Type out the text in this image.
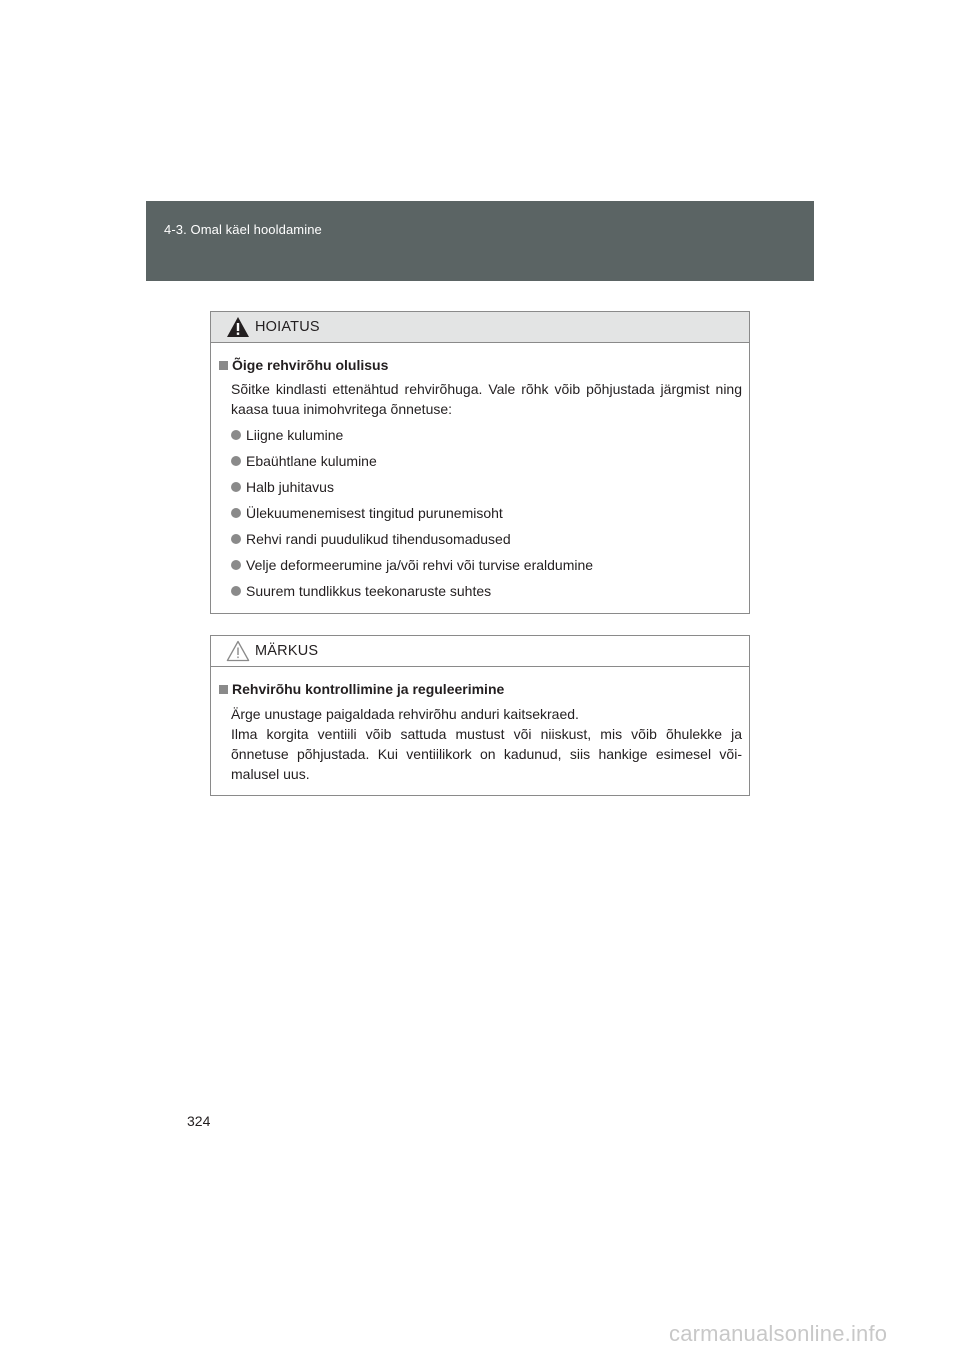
4-3. Omal käel hooldamine
HOIATUS
Õige rehvirõhu olulisus

Sõitke kindlasti ettenähtud rehvirõhuga. Vale rõhk võib põhjustada järgmist ning kaasa tuua inimohvritega õnnetuse:

Liigne kulumine
Ebaühtlane kulumine
Halb juhitavus
Ülekuumenemisest tingitud purunemisoht
Rehvi randi puudulikud tihendusomadused
Velje deformeerumine ja/või rehvi või turvise eraldumine
Suurem tundlikkus teekonaruste suhtes
MÄRKUS
Rehvirõhu kontrollimine ja reguleerimine
Ärge unustage paigaldada rehvirõhu anduri kaitsekraed.
Ilma korgita ventiili võib sattuda mustust või niiskust, mis võib õhulekke ja õnnetuse põhjustada. Kui ventiilikork on kadunud, siis hankige esimesel või-malusel uus.
324
carmanualsonline.info
